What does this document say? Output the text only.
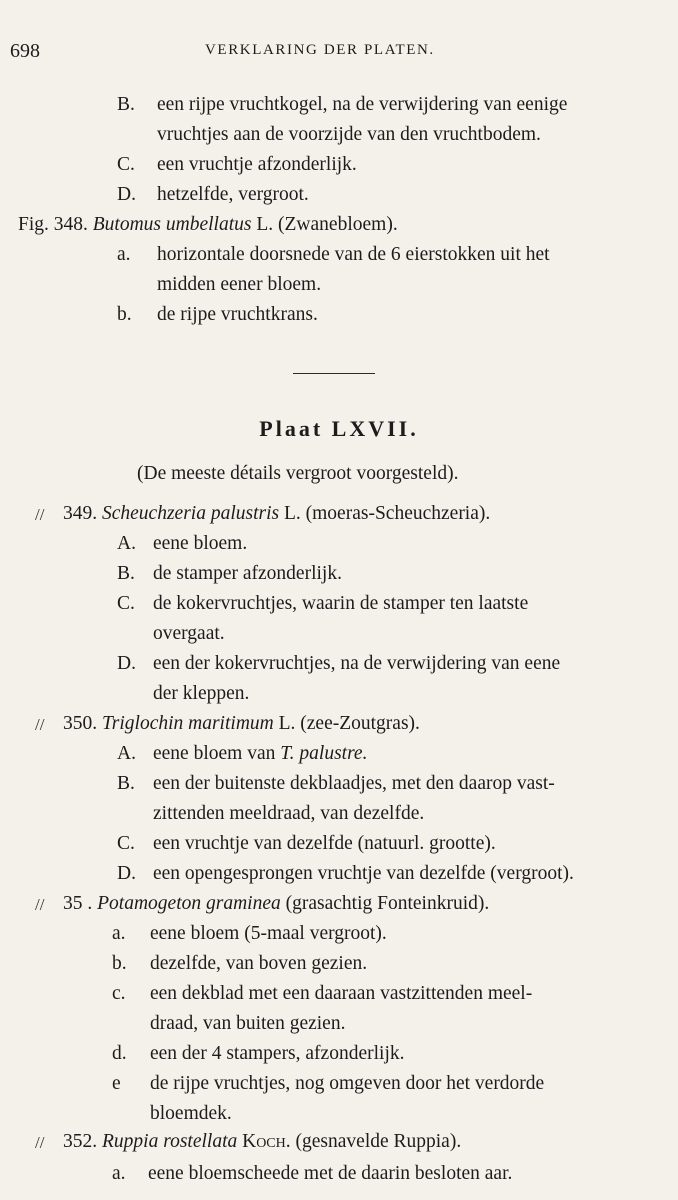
698	VERKLARING DER PLATEN.
B. een rijpe vruchtkogel, na de verwijdering van eenige
vruchtjes aan de voorzijde van den vruchtbodem.
C. een vruchtje afzonderlijk.
D. hetzelfde, vergroot.
Fig. 348. Butomus umbellatus L. (Zwanebloem).
a. horizontale doorsnede van de 6 eierstokken uit het
midden eener bloem.
b. de rijpe vruchtkrans.
Plaat LXVII.
(De meeste détails vergroot voorgesteld).
// 349. Scheuchzeria palustris L. (moeras-Scheuchzeria).
A. eene bloem.
B. de stamper afzonderlijk.
C. de kokervruchtjes, waarin de stamper ten laatste
overgaat.
D. een der kokervruchtjes, na de verwijdering van eene
der kleppen.
// 350. Triglochin maritimum L. (zee-Zoutgras).
A. eene bloem van T. palustre.
B. een der buitenste dekblaadjes, met den daarop vast-
zittenden meeldraad, van dezelfde.
C. een vruchtje van dezelfde (natuurl. grootte).
D. een opengesprongen vruchtje van dezelfde (vergroot).
// 35 . Potamogeton graminea (grasachtig Fonteinkruid).
a. eene bloem (5-maal vergroot).
b. dezelfde, van boven gezien.
c. een dekblad met een daaraan vastzittenden meel-
draad, van buiten gezien.
d. een der 4 stampers, afzonderlijk.
e de rijpe vruchtjes, nog omgeven door het verdorde
bloemdek.
// 352. Ruppia rostellata Koch. (gesnavelde Ruppia).
a. eene bloemscheede met de daarin besloten aar.
